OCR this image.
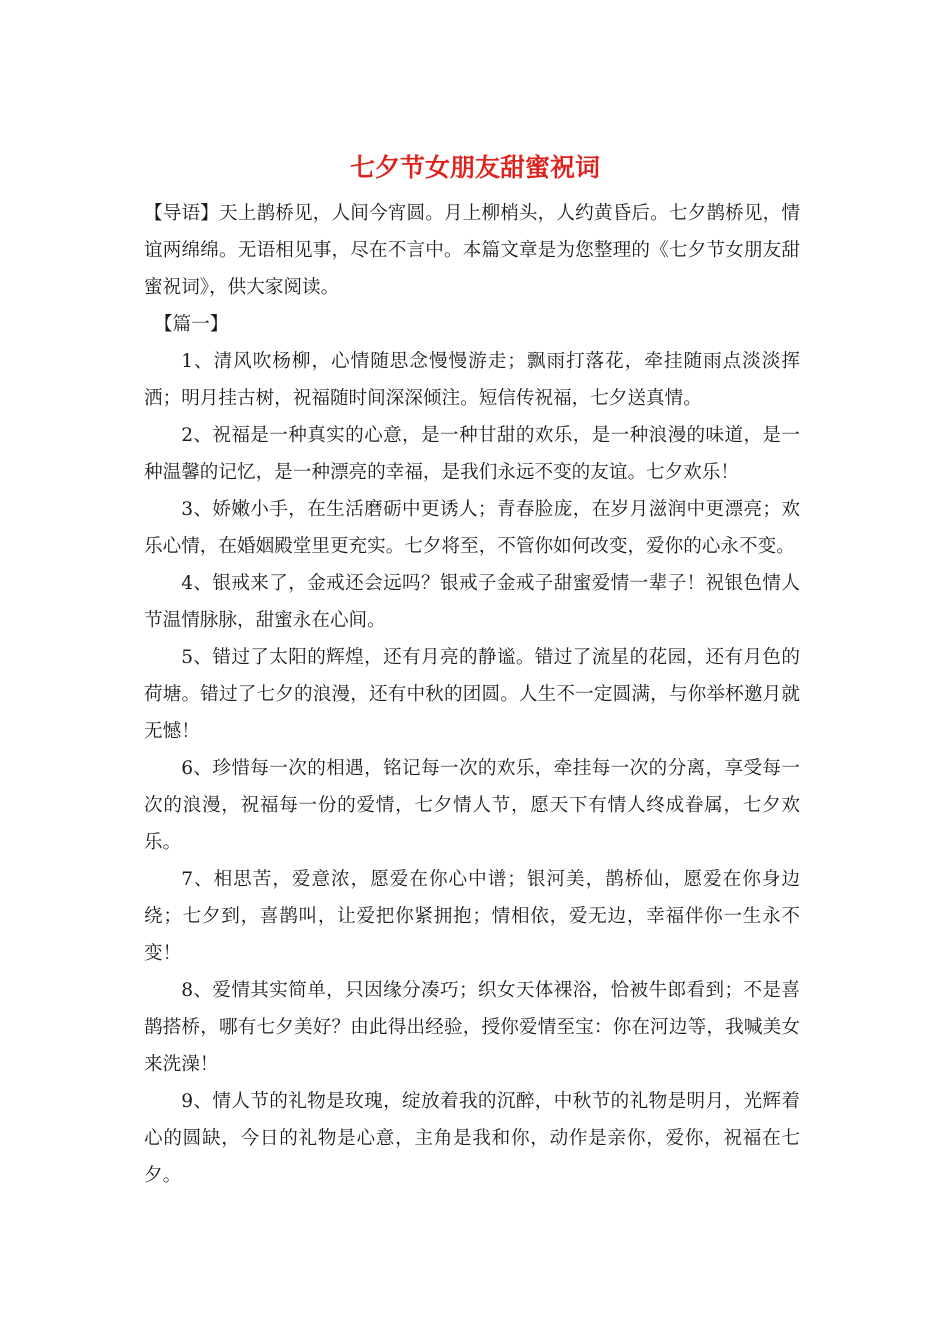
七夕节女朋友甜蜜祝词

【导语】天上鹊桥见，人间今宵圆。月上柳梢头，人约黄昏后。七夕鹊桥见，情谊两绵绵。无语相见事，尽在不言中。本篇文章是为您整理的《七夕节女朋友甜蜜祝词》，供大家阅读。

【篇一】

1、清风吹杨柳，心情随思念慢慢游走；飘雨打落花，牵挂随雨点淡淡挥洒；明月挂古树，祝福随时间深深倾注。短信传祝福，七夕送真情。

2、祝福是一种真实的心意，是一种甘甜的欢乐，是一种浪漫的味道，是一种温馨的记忆，是一种漂亮的幸福，是我们永远不变的友谊。七夕欢乐！

3、娇嫩小手，在生活磨砺中更诱人；青春脸庞，在岁月滋润中更漂亮；欢乐心情，在婚姻殿堂里更充实。七夕将至，不管你如何改变，爱你的心永不变。

4、银戒来了，金戒还会远吗？银戒子金戒子甜蜜爱情一辈子！祝银色情人节温情脉脉，甜蜜永在心间。

5、错过了太阳的辉煌，还有月亮的静谧。错过了流星的花园，还有月色的荷塘。错过了七夕的浪漫，还有中秋的团圆。人生不一定圆满，与你举杯邀月就无憾！

6、珍惜每一次的相遇，铭记每一次的欢乐，牵挂每一次的分离，享受每一次的浪漫，祝福每一份的爱情，七夕情人节，愿天下有情人终成眷属，七夕欢乐。

7、相思苦，爱意浓，愿爱在你心中谱；银河美，鹊桥仙，愿爱在你身边绕；七夕到，喜鹊叫，让爱把你紧拥抱；情相依，爱无边，幸福伴你一生永不变！

8、爱情其实简单，只因缘分凑巧；织女天体裸浴，恰被牛郎看到；不是喜鹊搭桥，哪有七夕美好？由此得出经验，授你爱情至宝：你在河边等，我喊美女来洗澡！

9、情人节的礼物是玫瑰，绽放着我的沉醉，中秋节的礼物是明月，光辉着心的圆缺，今日的礼物是心意，主角是我和你，动作是亲你，爱你，祝福在七夕。
